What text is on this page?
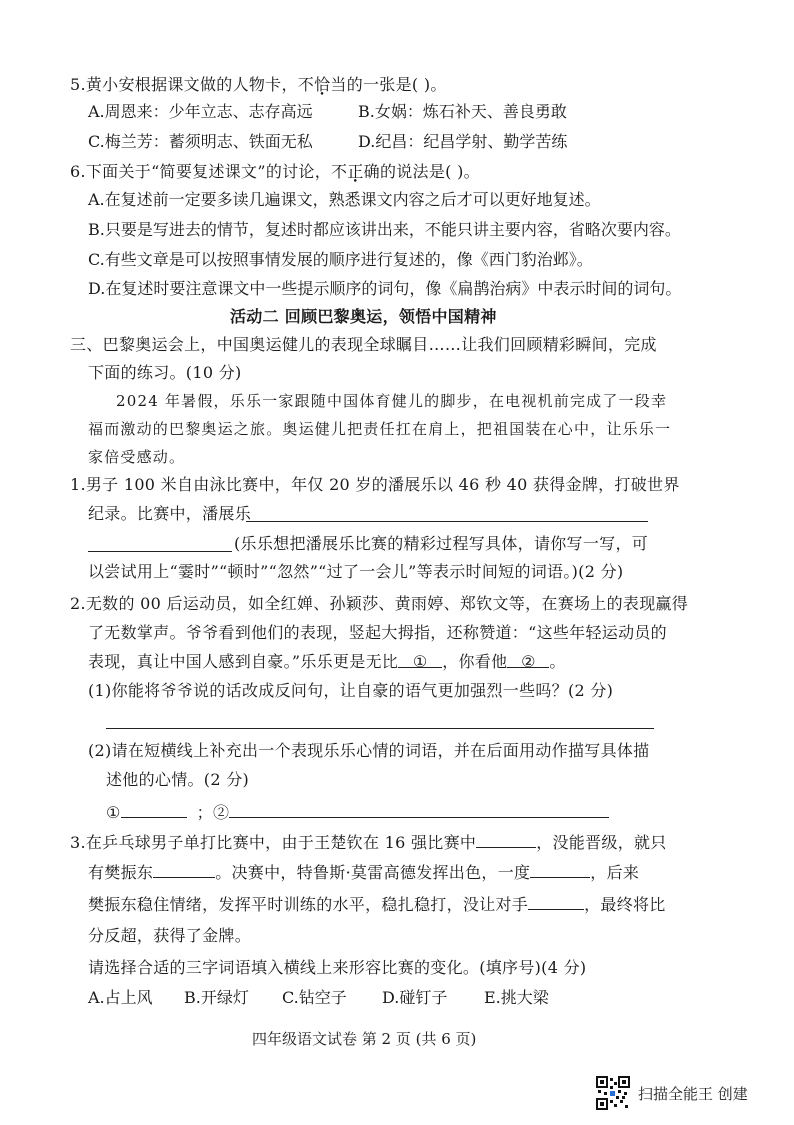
5.黄小安根据课文做的人物卡，不恰当的一张是( )。
A.周恩来：少年立志、志存高远	B.女娲：炼石补天、善良勇敢
C.梅兰芳：蓄须明志、铁面无私	D.纪昌：纪昌学射、勤学苦练
6.下面关于“简要复述课文”的讨论，不正确的说法是( )。
A.在复述前一定要多读几遍课文，熟悉课文内容之后才可以更好地复述。
B.只要是写进去的情节，复述时都应该讲出来，不能只讲主要内容，省略次要内容。
C.有些文章是可以按照事情发展的顺序进行复述的，像《西门豹治邺》。
D.在复述时要注意课文中一些提示顺序的词句，像《扁鹊治病》中表示时间的词句。
活动二 回顾巴黎奥运，领悟中国精神
三、巴黎奥运会上，中国奥运健儿的表现全球瞩目……让我们回顾精彩瞬间，完成
下面的练习。(10 分)
2024 年暑假，乐乐一家跟随中国体育健儿的脚步，在电视机前完成了一段幸
福而激动的巴黎奥运之旅。奥运健儿把责任扛在肩上，把祖国装在心中，让乐乐一
家倍受感动。
1.男子 100 米自由泳比赛中，年仅 20 岁的潘展乐以 46 秒 40 获得金牌，打破世界
纪录。比赛中，潘展乐
(乐乐想把潘展乐比赛的精彩过程写具体，请你写一写，可
以尝试用上“霎时”“顿时”“忽然”“过了一会儿”等表示时间短的词语。)(2 分)
2.无数的 00 后运动员，如全红婵、孙颖莎、黄雨婷、郑钦文等，在赛场上的表现赢得
了无数掌声。爷爷看到他们的表现，竖起大拇指，还称赞道：“这些年轻运动员的
表现，真让中国人感到自豪。”乐乐更是无比 ① ，你看他 ② 。
(1)你能将爷爷说的话改成反问句，让自豪的语气更加强烈一些吗？(2 分)
(2)请在短横线上补充出一个表现乐乐心情的词语，并在后面用动作描写具体描
述他的心情。(2 分)
①	；②
3.在乒乓球男子单打比赛中，由于王楚钦在 16 强比赛中	，没能晋级，就只
有樊振东	。决赛中，特鲁斯·莫雷高德发挥出色，一度	，后来
樊振东稳住情绪，发挥平时训练的水平，稳扎稳打，没让对手	，最终将比
分反超，获得了金牌。
请选择合适的三字词语填入横线上来形容比赛的变化。(填序号)(4 分)
A.占上风 B.开绿灯 C.钻空子 D.碰钉子 E.挑大梁
四年级语文试卷 第 2 页 (共 6 页)
扫描全能王 创建
